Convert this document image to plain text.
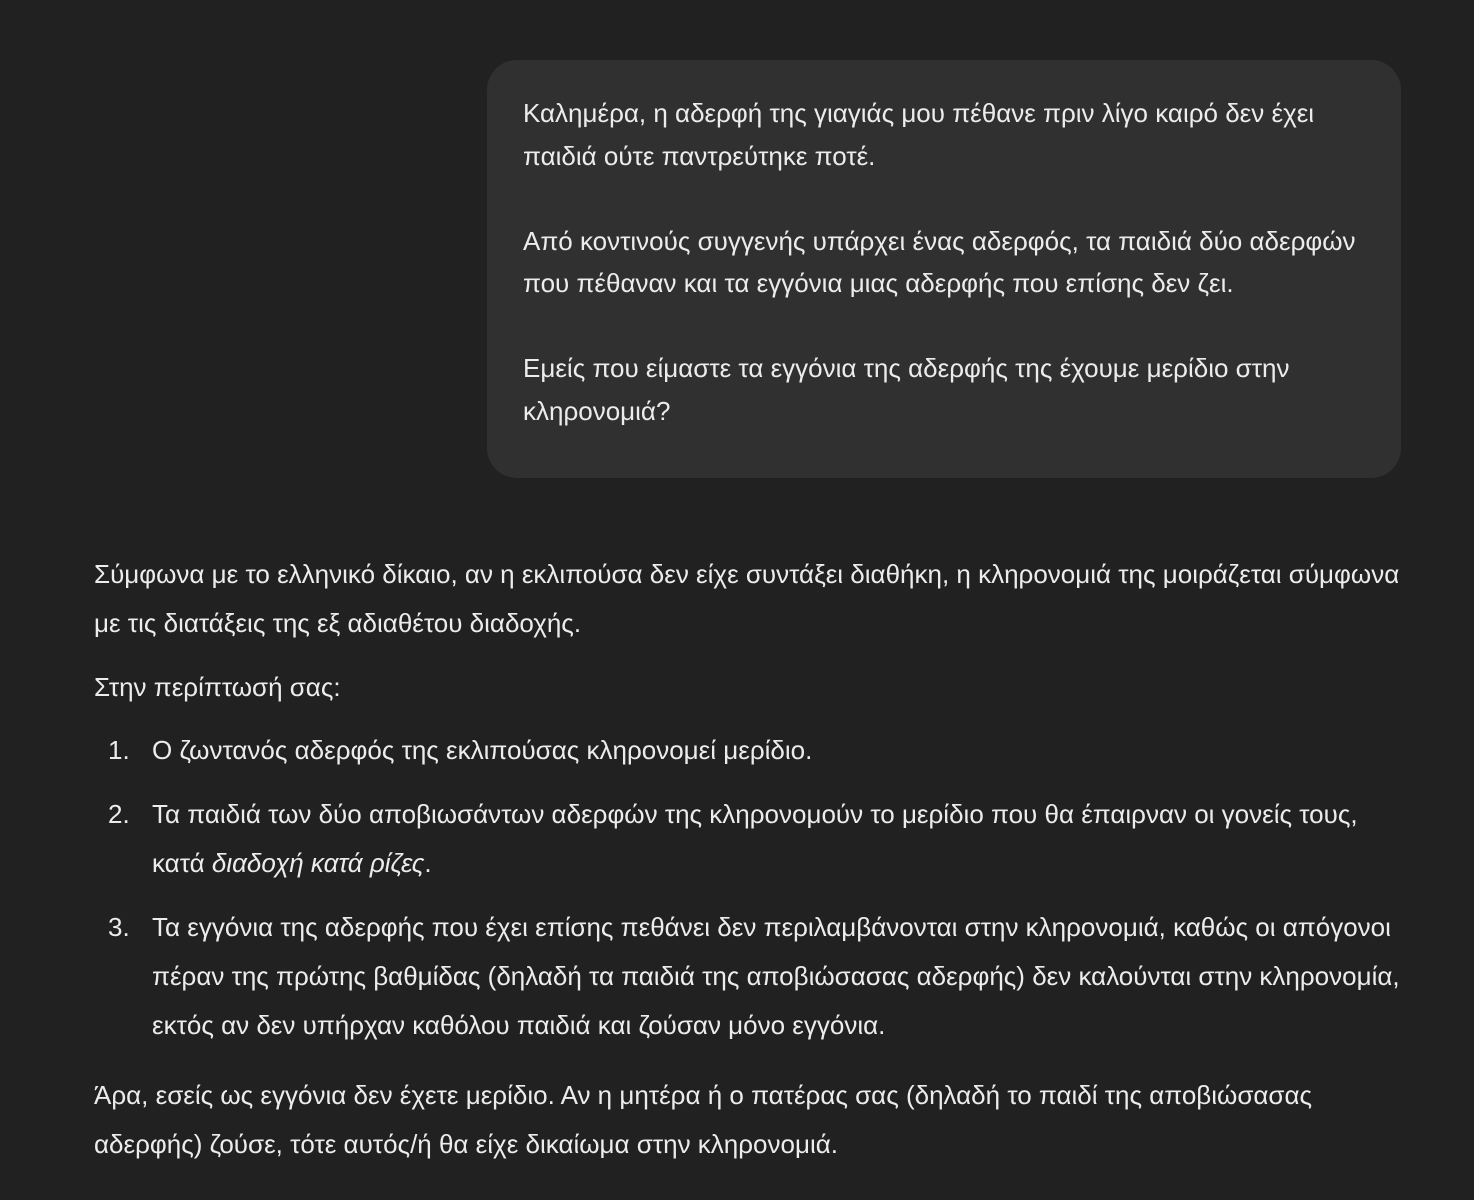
Καλημέρα, η αδερφή της γιαγιάς μου πέθανε πριν λίγο καιρό δεν έχει παιδιά ούτε παντρεύτηκε ποτέ.

Από κοντινούς συγγενής υπάρχει ένας αδερφός, τα παιδιά δύο αδερφών που πέθαναν και τα εγγόνια μιας αδερφής που επίσης δεν ζει.

Εμείς που είμαστε τα εγγόνια της αδερφής της έχουμε μερίδιο στην κληρονομιά?

Σύμφωνα με το ελληνικό δίκαιο, αν η εκλιπούσα δεν είχε συντάξει διαθήκη, η κληρονομιά της μοιράζεται σύμφωνα με τις διατάξεις της εξ αδιαθέτου διαδοχής.

Στην περίπτωσή σας:

1. Ο ζωντανός αδερφός της εκλιπούσας κληρονομεί μερίδιο.
2. Τα παιδιά των δύο αποβιωσάντων αδερφών της κληρονομούν το μερίδιο που θα έπαιρναν οι γονείς τους, κατά διαδοχή κατά ρίζες.
3. Τα εγγόνια της αδερφής που έχει επίσης πεθάνει δεν περιλαμβάνονται στην κληρονομιά, καθώς οι απόγονοι πέραν της πρώτης βαθμίδας (δηλαδή τα παιδιά της αποβιώσασας αδερφής) δεν καλούνται στην κληρονομία, εκτός αν δεν υπήρχαν καθόλου παιδιά και ζούσαν μόνο εγγόνια.

Άρα, εσείς ως εγγόνια δεν έχετε μερίδιο. Αν η μητέρα ή ο πατέρας σας (δηλαδή το παιδί της αποβιώσασας αδερφής) ζούσε, τότε αυτός/ή θα είχε δικαίωμα στην κληρονομιά.
